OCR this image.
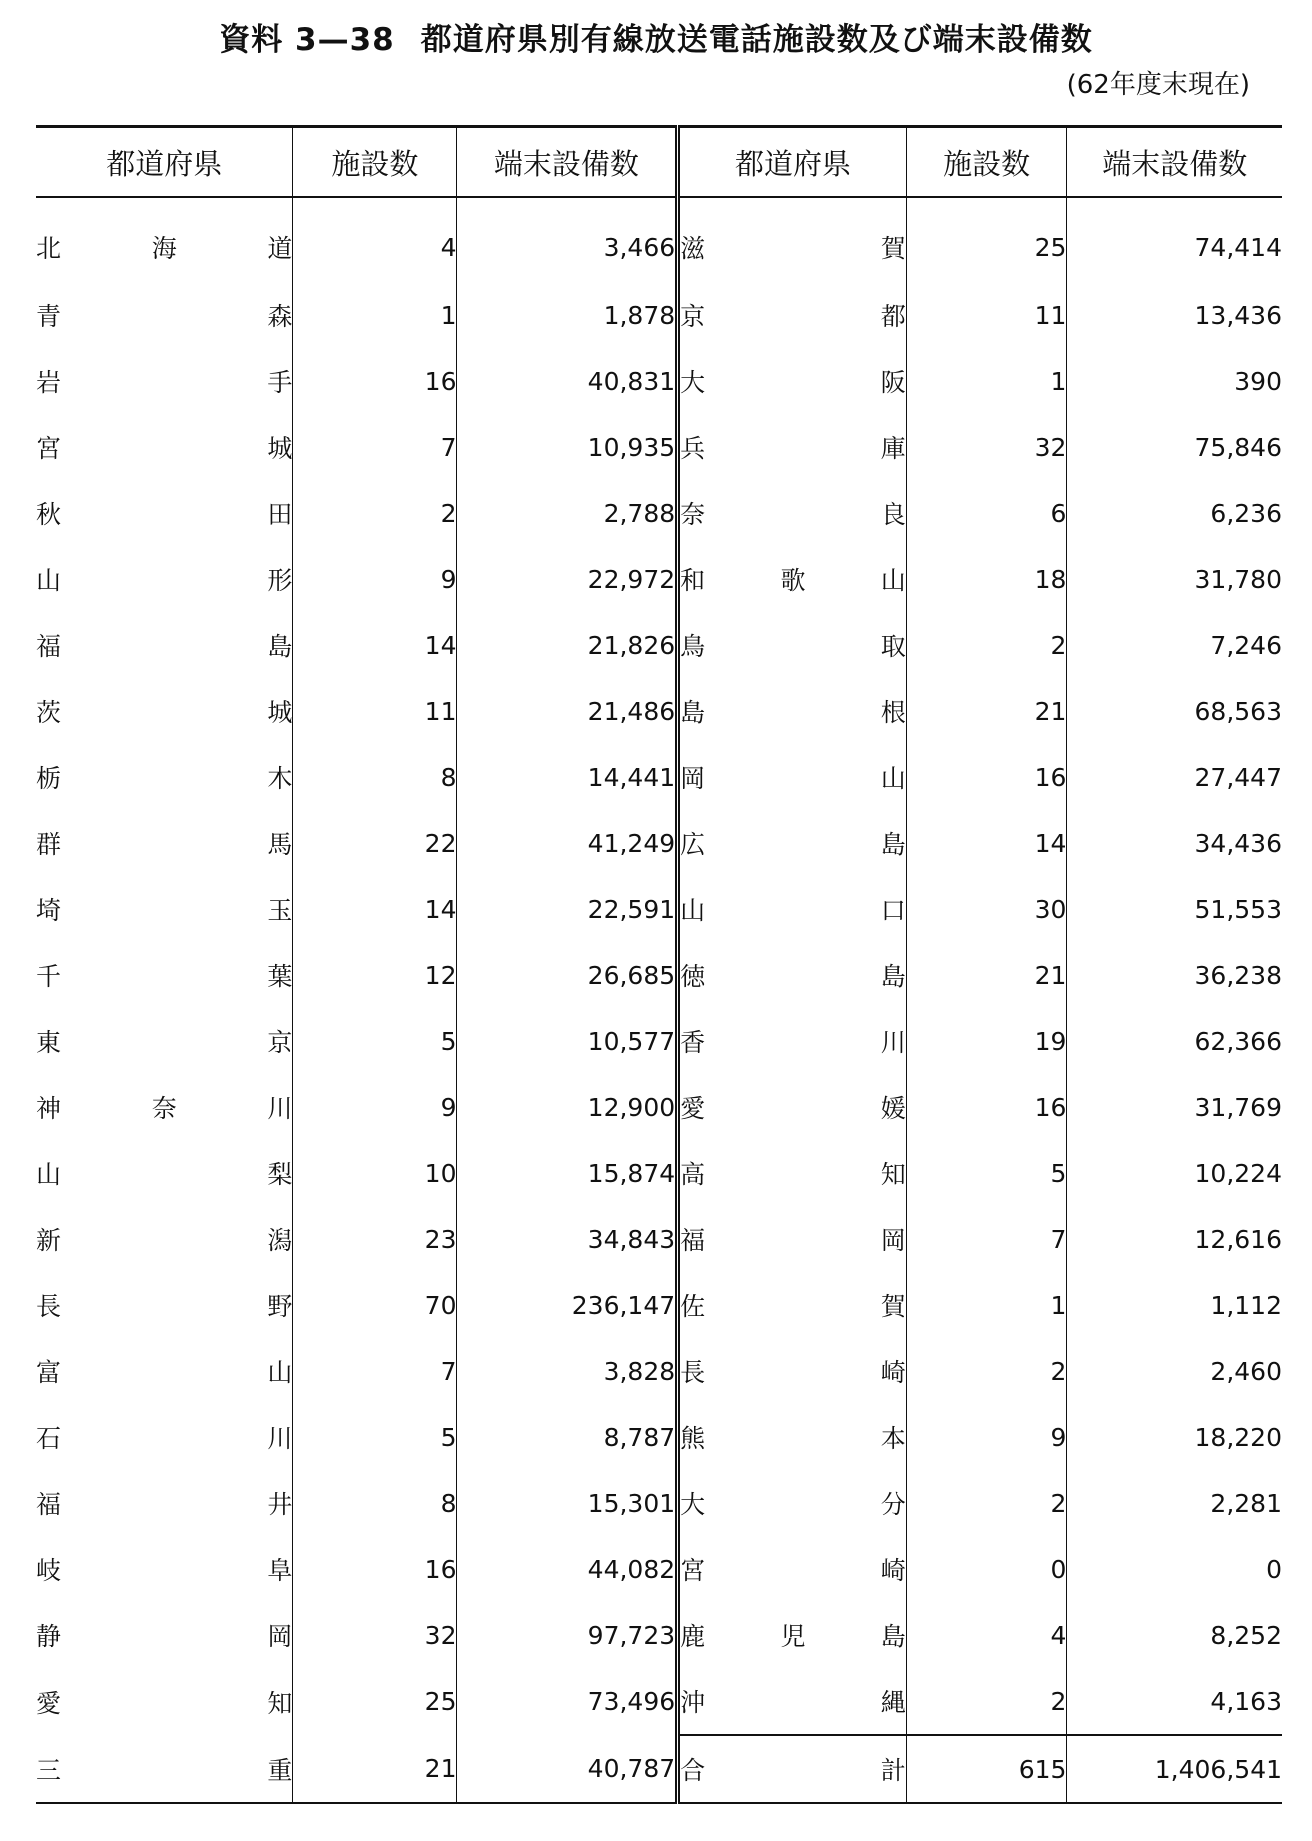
資料 3—38 都道府県別有線放送電話施設数及び端末設備数
(62年度末現在)
都道府県	施設数	端末設備数	都道府県	施設数	端末設備数

北 海 道	4	3,466	滋 賀	25	74,414

青 森	1	1,878	京 都	11	13,436

岩 手	16	40,831	大 阪	1	390

宮 城	7	10,935	兵 庫	32	75,846

秋 田	2	2,788	奈 良	6	6,236

山 形	9	22,972	和 歌 山	18	31,780

福 島	14	21,826	鳥 取	2	7,246

茨 城	11	21,486	島 根	21	68,563

栃 木	8	14,441	岡 山	16	27,447

群 馬	22	41,249	広 島	14	34,436

埼 玉	14	22,591	山 口	30	51,553

千 葉	12	26,685	徳 島	21	36,238

東 京	5	10,577	香 川	19	62,366

神 奈 川	9	12,900	愛 媛	16	31,769

山 梨	10	15,874	高 知	5	10,224

新 潟	23	34,843	福 岡	7	12,616

長 野	70	236,147	佐 賀	1	1,112

富 山	7	3,828	長 崎	2	2,460

石 川	5	8,787	熊 本	9	18,220

福 井	8	15,301	大 分	2	2,281

岐 阜	16	44,082	宮 崎	0	0

静 岡	32	97,723	鹿 児 島	4	8,252

愛 知	25	73,496	沖 縄	2	4,163

三 重	21	40,787	合 計	615	1,406,541
